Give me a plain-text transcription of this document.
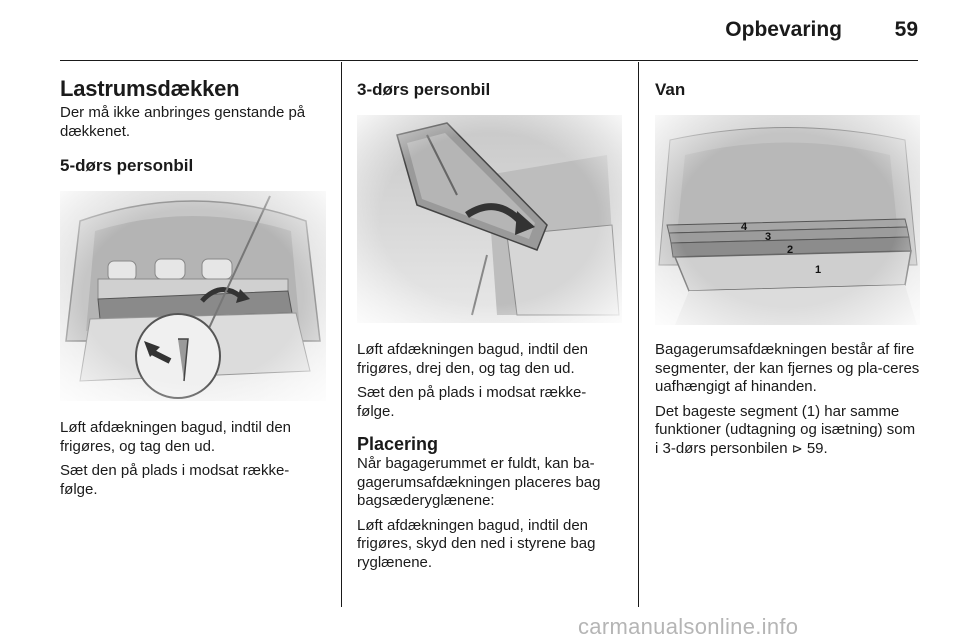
Opbevaring	59
Lastrumsdækken

Der må ikke anbringes genstande på dækkenet.

5-dørs personbil

Løft afdækningen bagud, indtil den frigøres, og tag den ud.

Sæt den på plads i modsat række-følge.

3-dørs personbil

Løft afdækningen bagud, indtil den frigøres, drej den, og tag den ud.

Sæt den på plads i modsat række-følge.

Placering

Når bagagerummet er fuldt, kan ba-gagerumsafdækningen placeres bag bagsæderyglænene:

Løft afdækningen bagud, indtil den frigøres, skyd den ned i styrene bag ryglænene.

Van

Bagagerumsafdækningen består af fire segmenter, der kan fjernes og pla-ceres uafhængigt af hinanden.

Det bageste segment (1) har samme funktioner (udtagning og isætning) som i 3-dørs personbilen ⊳ 59.

carmanualsonline.info
